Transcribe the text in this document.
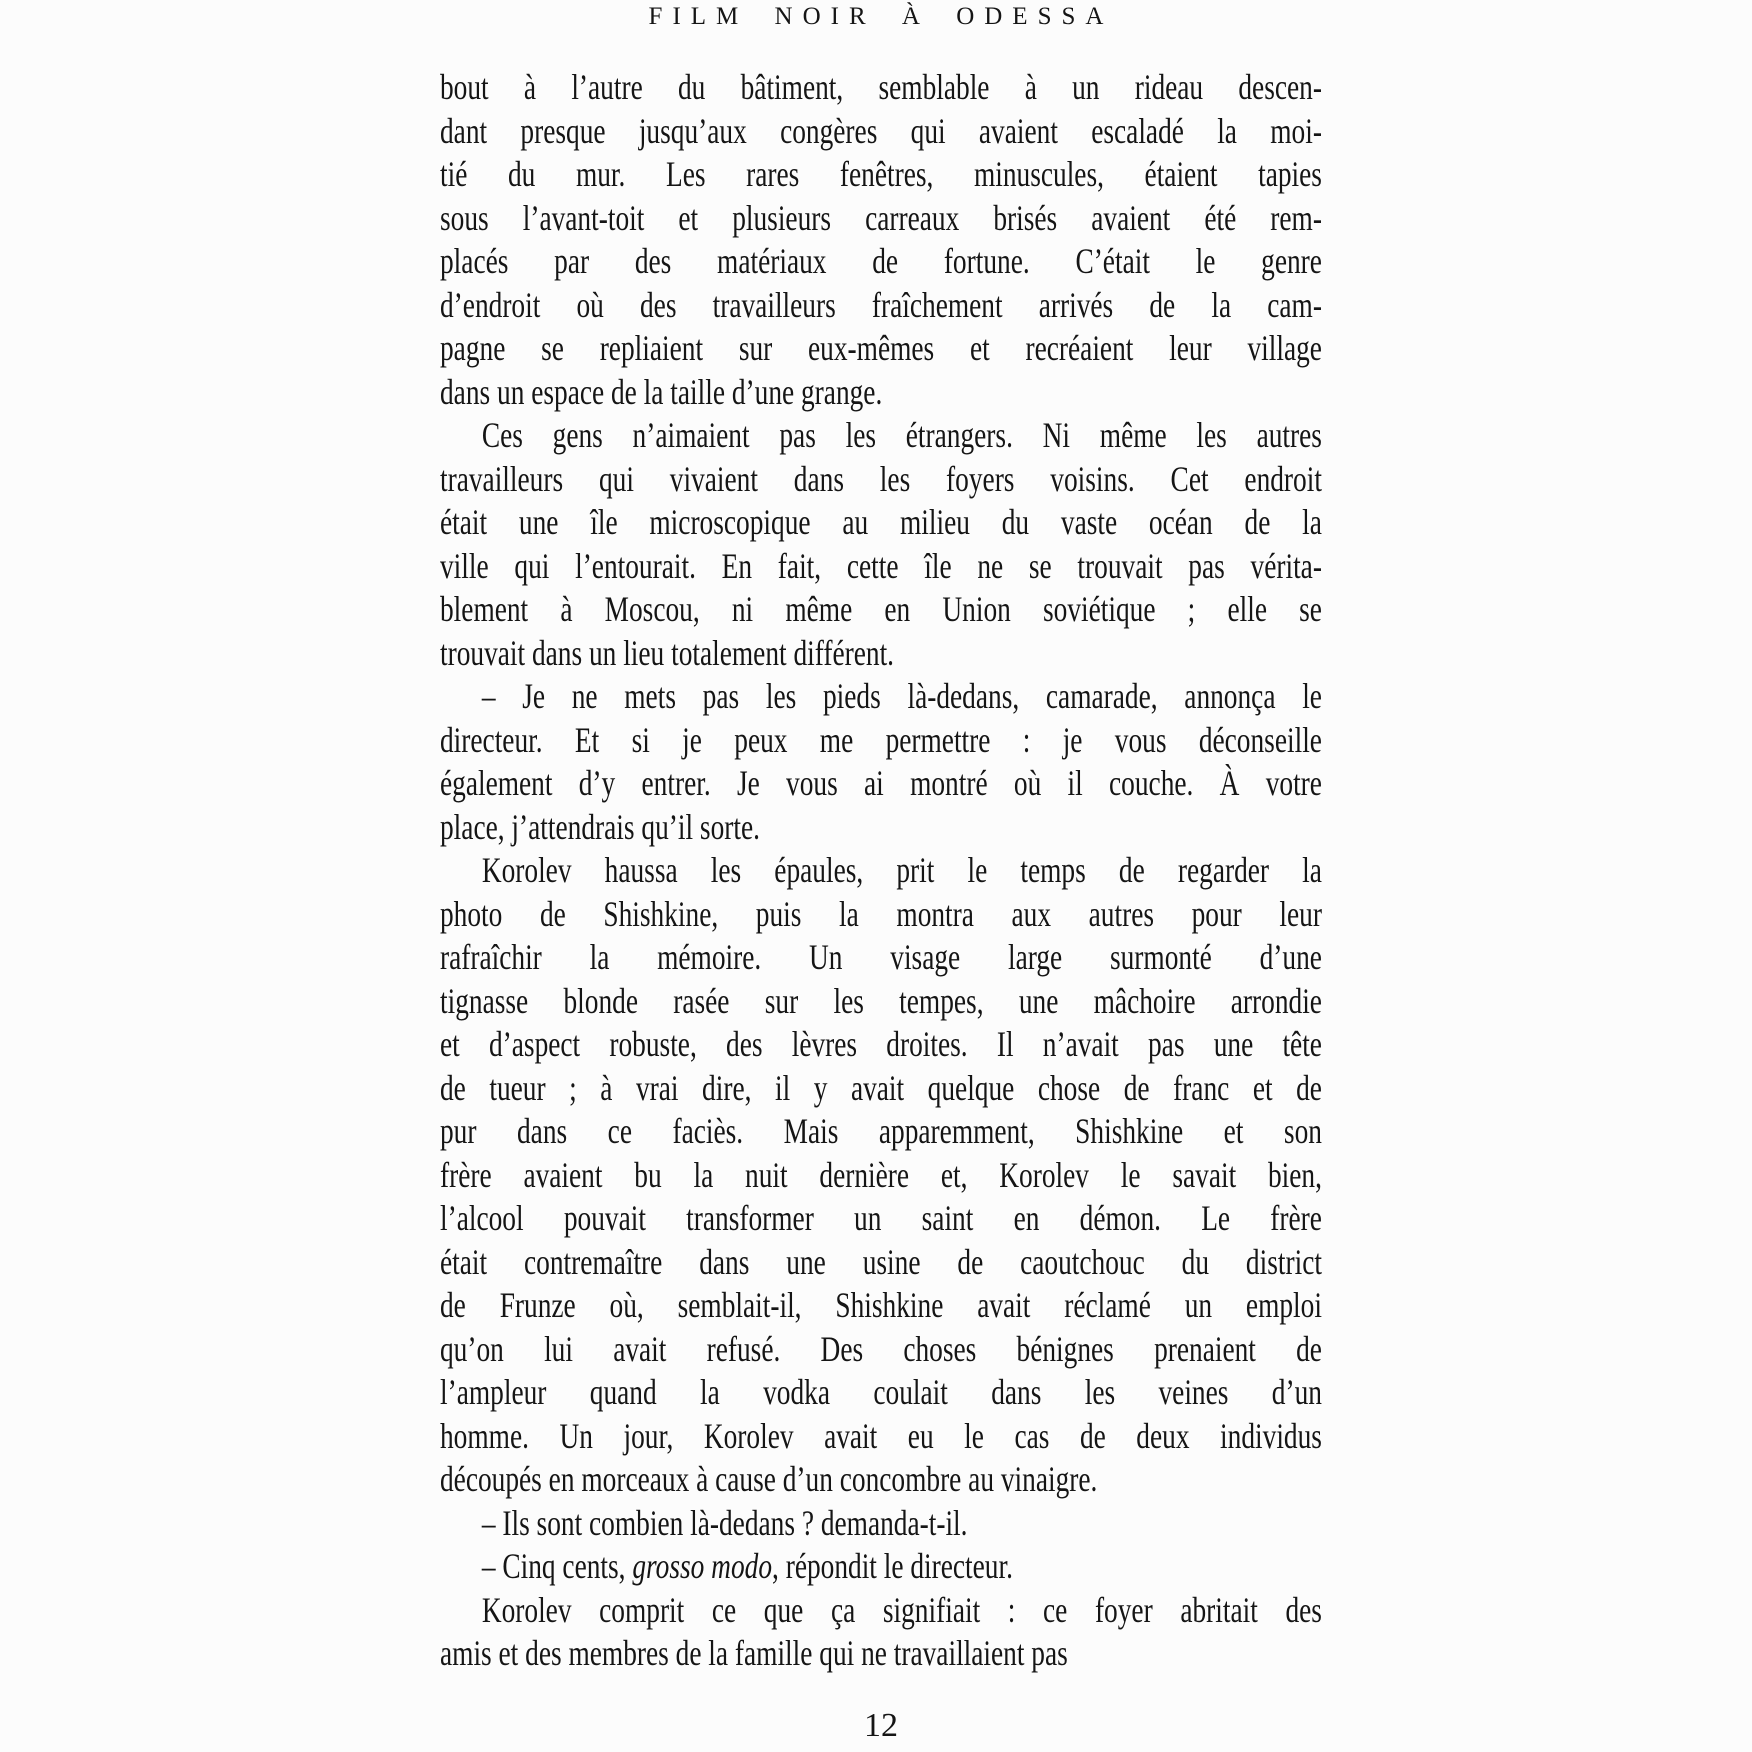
FILM NOIR À ODESSA
bout à l’autre du bâtiment, semblable à un rideau descen-
dant presque jusqu’aux congères qui avaient escaladé la moi-
tié du mur. Les rares fenêtres, minuscules, étaient tapies
sous l’avant-toit et plusieurs carreaux brisés avaient été rem-
placés par des matériaux de fortune. C’était le genre
d’endroit où des travailleurs fraîchement arrivés de la cam-
pagne se repliaient sur eux-mêmes et recréaient leur village
dans un espace de la taille d’une grange.
Ces gens n’aimaient pas les étrangers. Ni même les autres
travailleurs qui vivaient dans les foyers voisins. Cet endroit
était une île microscopique au milieu du vaste océan de la
ville qui l’entourait. En fait, cette île ne se trouvait pas vérita-
blement à Moscou, ni même en Union soviétique ; elle se
trouvait dans un lieu totalement différent.
– Je ne mets pas les pieds là-dedans, camarade, annonça le
directeur. Et si je peux me permettre : je vous déconseille
également d’y entrer. Je vous ai montré où il couche. À votre
place, j’attendrais qu’il sorte.
Korolev haussa les épaules, prit le temps de regarder la
photo de Shishkine, puis la montra aux autres pour leur
rafraîchir la mémoire. Un visage large surmonté d’une
tignasse blonde rasée sur les tempes, une mâchoire arrondie
et d’aspect robuste, des lèvres droites. Il n’avait pas une tête
de tueur ; à vrai dire, il y avait quelque chose de franc et de
pur dans ce faciès. Mais apparemment, Shishkine et son
frère avaient bu la nuit dernière et, Korolev le savait bien,
l’alcool pouvait transformer un saint en démon. Le frère
était contremaître dans une usine de caoutchouc du district
de Frunze où, semblait-il, Shishkine avait réclamé un emploi
qu’on lui avait refusé. Des choses bénignes prenaient de
l’ampleur quand la vodka coulait dans les veines d’un
homme. Un jour, Korolev avait eu le cas de deux individus
découpés en morceaux à cause d’un concombre au vinaigre.
– Ils sont combien là-dedans ? demanda-t-il.
– Cinq cents, grosso modo, répondit le directeur.
Korolev comprit ce que ça signifiait : ce foyer abritait des
amis et des membres de la famille qui ne travaillaient pas
12
